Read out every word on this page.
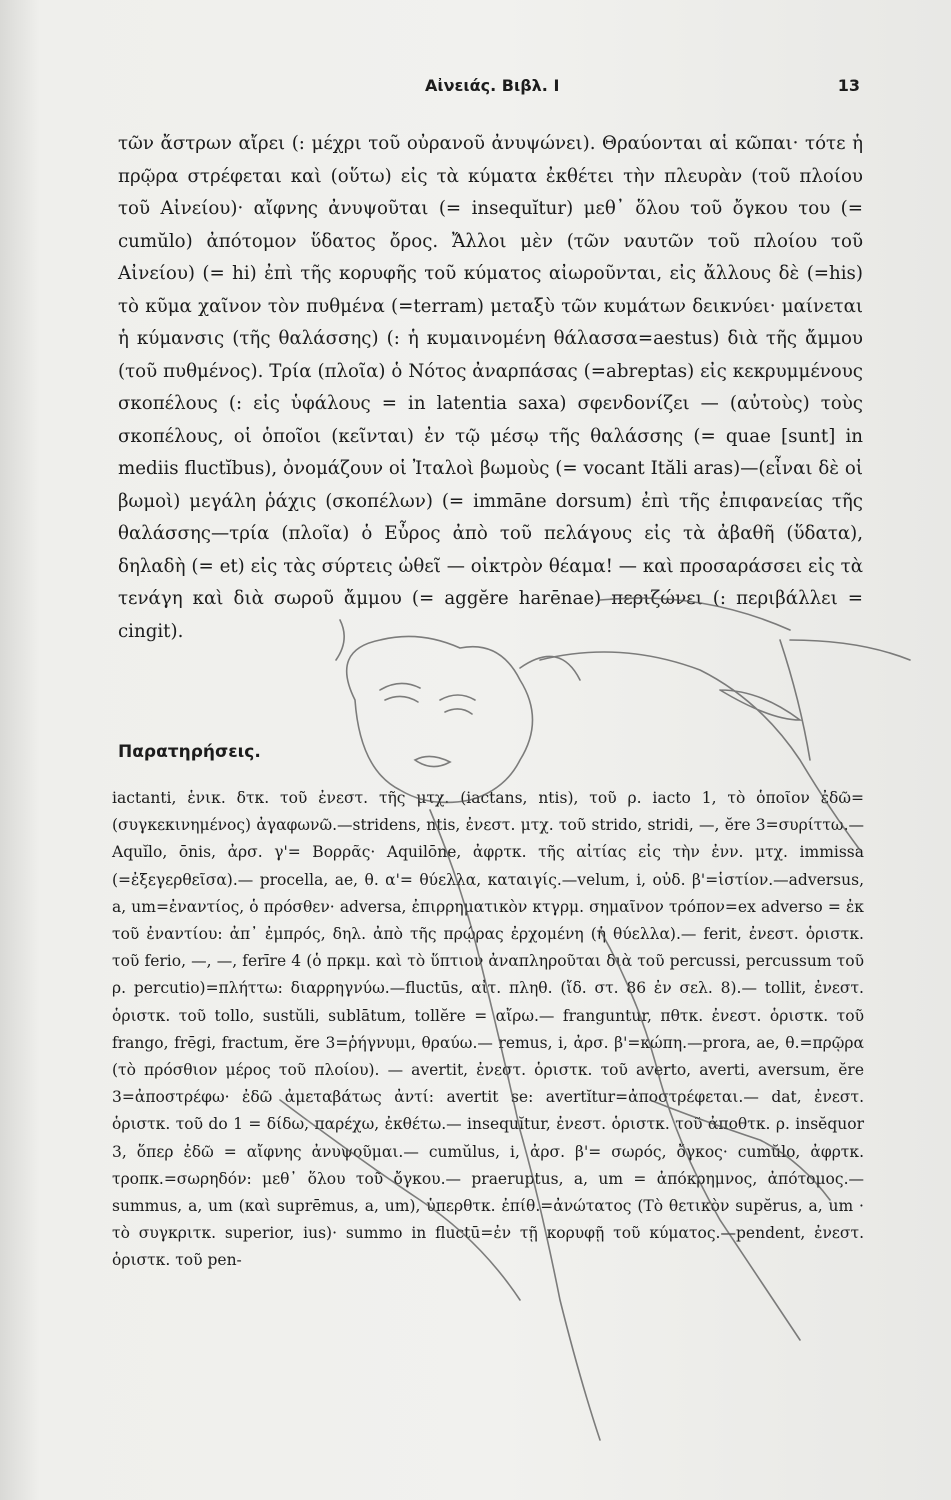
Αἰνειάς. Βιβλ. Ι	13

τῶν ἄστρων αἴρει (: μέχρι τοῦ οὐρανοῦ ἀνυψώνει). Θραύονται αἱ κῶπαι· τότε ἡ πρῷρα στρέφεται καὶ (οὕτω) εἰς τὰ κύματα ἐκθέτει τὴν πλευρὰν (τοῦ πλοίου τοῦ Αἰνείου)· αἴφνης ἀνυψοῦται (= insequĭtur) μεθ᾽ ὅλου τοῦ ὄγκου του (= cumŭlo) ἀπότομον ὕδατος ὄρος. Ἄλλοι μὲν (τῶν ναυτῶν τοῦ πλοίου τοῦ Αἰνείου) (= hi) ἐπὶ τῆς κορυφῆς τοῦ κύματος αἰωροῦνται, εἰς ἄλλους δὲ (=his) τὸ κῦμα χαῖνον τὸν πυθμένα (=terram) μεταξὺ τῶν κυμάτων δεικνύει· μαίνεται ἡ κύμανσις (τῆς θαλάσσης) (: ἡ κυμαινομένη θάλασσα=aestus) διὰ τῆς ἄμμου (τοῦ πυθμένος). Τρία (πλοῖα) ὁ Νότος ἀναρπάσας (=abreptas) εἰς κεκρυμμένους σκοπέλους (: εἰς ὑφάλους = in latentia saxa) σφενδονίζει — (αὐτοὺς) τοὺς σκοπέλους, οἱ ὁποῖοι (κεῖνται) ἐν τῷ μέσῳ τῆς θαλάσσης (= quae [sunt] in mediis fluctĭbus), ὀνομάζουν οἱ Ἰταλοὶ βωμοὺς (= vocant Ităli aras)—(εἶναι δὲ οἱ βωμοὶ) μεγάλη ῥάχις (σκοπέλων) (= immāne dorsum) ἐπὶ τῆς ἐπιφανείας τῆς θαλάσσης—τρία (πλοῖα) ὁ Εὖρος ἀπὸ τοῦ πελάγους εἰς τὰ ἀβαθῆ (ὕδατα), δηλαδὴ (= et) εἰς τὰς σύρτεις ὠθεῖ — οἰκτρὸν θέαμα! — καὶ προσαράσσει εἰς τὰ τενάγη καὶ διὰ σωροῦ ἄμμου (= aggĕre harēnae) περιζώνει (: περιβάλλει = cingit).

Παρατηρήσεις.

iactanti, ἑνικ. δτκ. τοῦ ἐνεστ. τῆς μτχ. (iactans, ntis), τοῦ ρ. iacto 1, τὸ ὁποῖον ἐδῶ=(συγκεκινημένος) ἀγαφωνῶ.—stridens, ntis, ἐνεστ. μτχ. τοῦ strido, stridi, —, ĕre 3=συρίττω.—Aquĭlo, ōnis, ἀρσ. γ'= Βορρᾶς· Aquilōne, ἀφρτκ. τῆς αἰτίας εἰς τὴν ἐνν. μτχ. immissa (=ἐξεγερθεῖσα).— procella, ae, θ. α'= θύελλα, καταιγίς.—velum, i, οὐδ. β'=ἱστίον.—adversus, a, um=ἐναντίος, ὁ πρόσθεν· adversa, ἐπιρρηματικὸν κτγρμ. σημαῖνον τρόπον=ex adverso = ἐκ τοῦ ἐναντίου: ἀπ᾽ ἐμπρός, δηλ. ἀπὸ τῆς πρῴρας ἐρχομένη (ἡ θύελλα).— ferit, ἐνεστ. ὁριστκ. τοῦ ferio, —, —, ferīre 4 (ὁ πρκμ. καὶ τὸ ὕπτιον ἀναπληροῦται διὰ τοῦ percussi, percussum τοῦ ρ. percutio)=πλήττω: διαρρηγνύω.—fluctūs, αἰτ. πληθ. (ἴδ. στ. 86 ἐν σελ. 8).— tollit, ἐνεστ. ὁριστκ. τοῦ tollo, sustŭli, sublātum, tollĕre = αἴρω.— franguntur, πθτκ. ἐνεστ. ὁριστκ. τοῦ frango, frēgi, fractum, ĕre 3=ῥήγνυμι, θραύω.— remus, i, ἀρσ. β'=κώπη.—prora, ae, θ.=πρῷρα (τὸ πρόσθιον μέρος τοῦ πλοίου). — avertit, ἐνεστ. ὁριστκ. τοῦ averto, averti, aversum, ĕre 3=ἀποστρέφω· ἐδῶ ἀμεταβάτως ἀντί: avertit se: avertĭtur=ἀποστρέφεται.— dat, ἐνεστ. ὁριστκ. τοῦ do 1 = δίδω, παρέχω, ἐκθέτω.— insequĭtur, ἐνεστ. ὁριστκ. τοῦ ἀποθτκ. ρ. insĕquor 3, ὅπερ ἐδῶ = αἴφνης ἀνυψοῦμαι.— cumŭlus, i, ἀρσ. β'= σωρός, ὄγκος· cumŭlo, ἀφρτκ. τροπκ.=σωρηδόν: μεθ᾽ ὅλου τοῦ ὄγκου.— praeruptus, a, um = ἀπόκρημνος, ἀπότομος.— summus, a, um (καὶ suprēmus, a, um), ὑπερθτκ. ἐπίθ.=ἀνώτατος (Τὸ θετικὸν supĕrus, a, um · τὸ συγκριτκ. superior, ius)· summo in fluctū=ἐν τῇ κορυφῇ τοῦ κύματος.—pendent, ἐνεστ. ὁριστκ. τοῦ pen-
